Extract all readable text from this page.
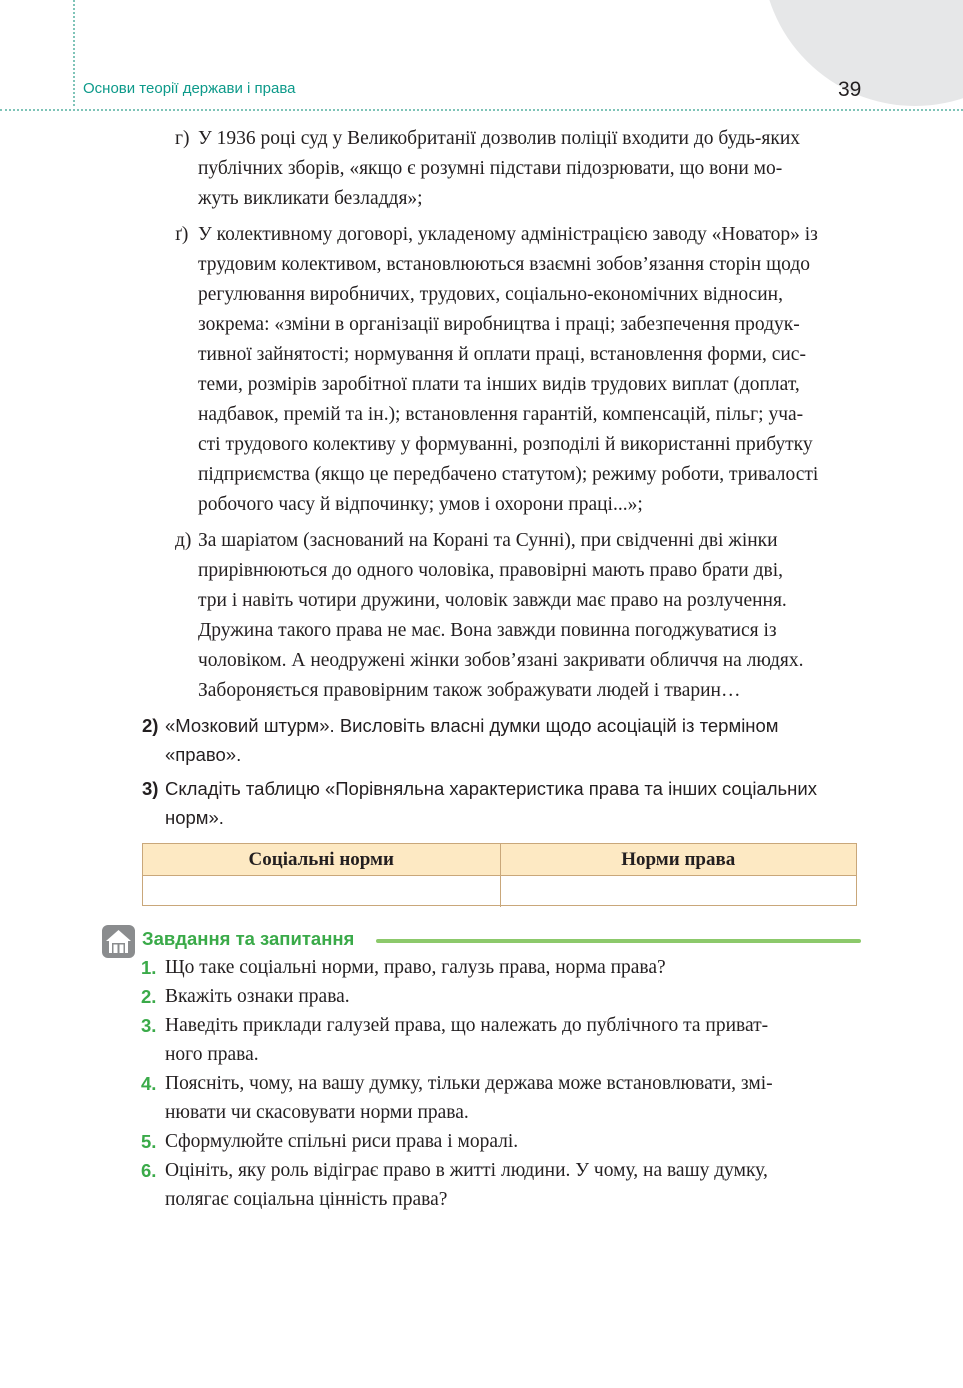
Основи теорії держави і права	39
г) У 1936 році суд у Великобританії дозволив поліції входити до будь-яких
публічних зборів, «якщо є розумні підстави підозрювати, що вони мо-
жуть викликати безладдя»;
ґ) У колективному договорі, укладеному адміністрацією заводу «Новатор» із
трудовим колективом, встановлюються взаємні зобов’язання сторін щодо
регулювання виробничих, трудових, соціально-економічних відносин,
зокрема: «зміни в організації виробництва і праці; забезпечення продук-
тивної зайнятості; нормування й оплати праці, встановлення форми, сис-
теми, розмірів заробітної плати та інших видів трудових виплат (доплат,
надбавок, премій та ін.); встановлення гарантій, компенсацій, пільг; уча-
сті трудового колективу у формуванні, розподілі й використанні прибутку
підприємства (якщо це передбачено статутом); режиму роботи, тривалості
робочого часу й відпочинку; умов і охорони праці...»;
д) За шаріатом (заснований на Корані та Сунні), при свідченні дві жінки
прирівнюються до одного чоловіка, правовірні мають право брати дві,
три і навіть чотири дружини, чоловік завжди має право на розлучення.
Дружина такого права не має. Вона завжди повинна погоджуватися із
чоловіком. А неодружені жінки зобов’язані закривати обличчя на людях.
Забороняється правовірним також зображувати людей і тварин…
2) «Мозковий штурм». Висловіть власні думки щодо асоціацій із терміном
«право».
3) Складіть таблицю «Порівняльна характеристика права та інших соціальних
норм».
Соціальні норми	Норми права
Завдання та запитання
1. Що таке соціальні норми, право, галузь права, норма права?
2. Вкажіть ознаки права.
3. Наведіть приклади галузей права, що належать до публічного та приват-
ного права.
4. Поясніть, чому, на вашу думку, тільки держава може встановлювати, змі-
нювати чи скасовувати норми права.
5. Сформулюйте спільні риси права і моралі.
6. Оцініть, яку роль відіграє право в житті людини. У чому, на вашу думку,
полягає соціальна цінність права?
